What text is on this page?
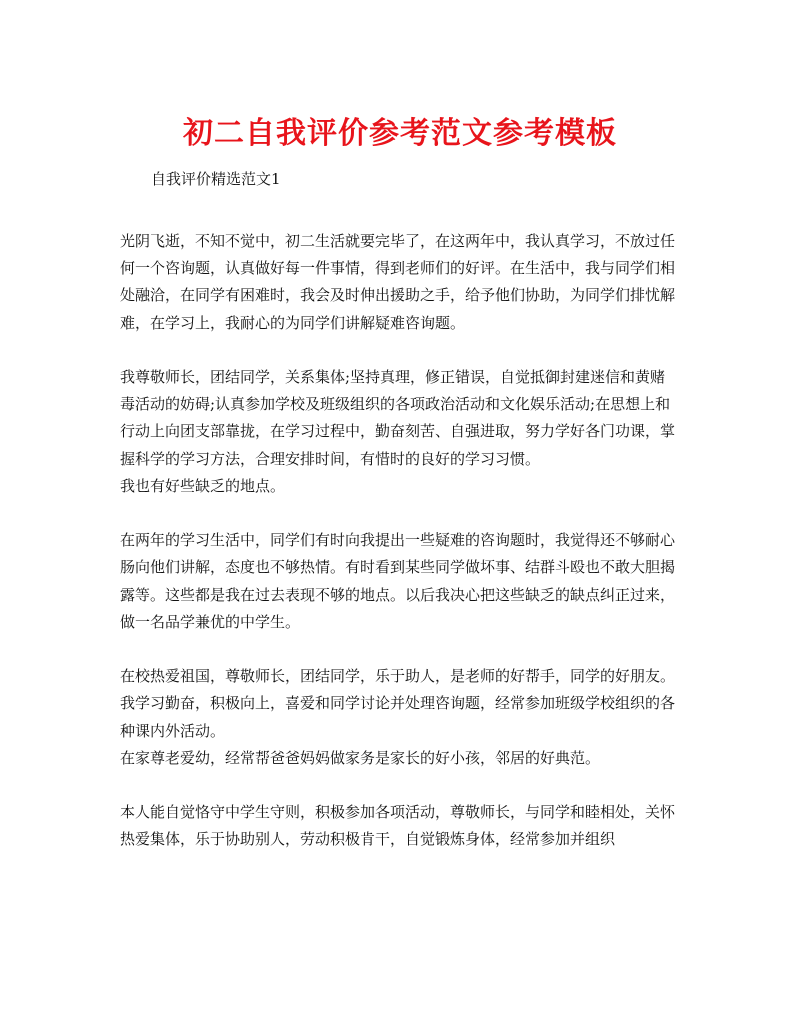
初二自我评价参考范文参考模板
自我评价精选范文1

光阴飞逝，不知不觉中，初二生活就要完毕了，在这两年中，我认真学习，不放过任何一个咨询题，认真做好每一件事情，得到老师们的好评。在生活中，我与同学们相处融洽，在同学有困难时，我会及时伸出援助之手，给予他们协助，为同学们排忧解难，在学习上，我耐心的为同学们讲解疑难咨询题。

我尊敬师长，团结同学，关系集体;坚持真理，修正错误，自觉抵御封建迷信和黄赌毒活动的妨碍;认真参加学校及班级组织的各项政治活动和文化娱乐活动;在思想上和行动上向团支部靠拢，在学习过程中，勤奋刻苦、自强进取，努力学好各门功课，掌握科学的学习方法，合理安排时间，有惜时的良好的学习习惯。

我也有好些缺乏的地点。

在两年的学习生活中，同学们有时向我提出一些疑难的咨询题时，我觉得还不够耐心肠向他们讲解，态度也不够热情。有时看到某些同学做坏事、结群斗殴也不敢大胆揭露等。这些都是我在过去表现不够的地点。以后我决心把这些缺乏的缺点纠正过来，做一名品学兼优的中学生。

在校热爱祖国，尊敬师长，团结同学，乐于助人，是老师的好帮手，同学的好朋友。我学习勤奋，积极向上，喜爱和同学讨论并处理咨询题，经常参加班级学校组织的各种课内外活动。

在家尊老爱幼，经常帮爸爸妈妈做家务是家长的好小孩，邻居的好典范。

本人能自觉恪守中学生守则，积极参加各项活动，尊敬师长，与同学和睦相处，关怀热爱集体，乐于协助别人，劳动积极肯干，自觉锻炼身体，经常参加并组织
